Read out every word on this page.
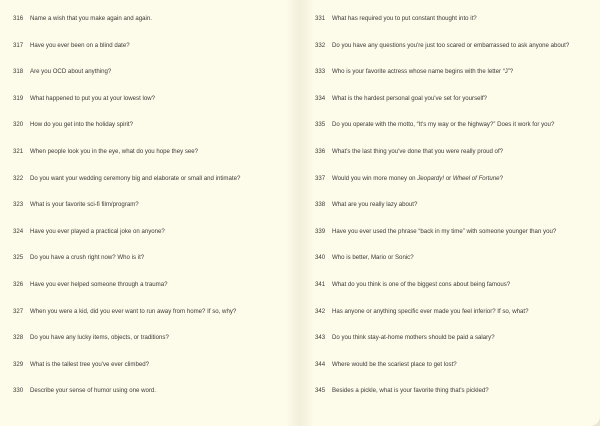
316 Name a wish that you make again and again.
317 Have you ever been on a blind date?
318 Are you OCD about anything?
319 What happened to put you at your lowest low?
320 How do you get into the holiday spirit?
321 When people look you in the eye, what do you hope they see?
322 Do you want your wedding ceremony big and elaborate or small and intimate?
323 What is your favorite sci-fi film/program?
324 Have you ever played a practical joke on anyone?
325 Do you have a crush right now? Who is it?
326 Have you ever helped someone through a trauma?
327 When you were a kid, did you ever want to run away from home? If so, why?
328 Do you have any lucky items, objects, or traditions?
329 What is the tallest tree you've ever climbed?
330 Describe your sense of humor using one word.
331 What has required you to put constant thought into it?
332 Do you have any questions you're just too scared or embarrassed to ask anyone about?
333 Who is your favorite actress whose name begins with the letter “J”?
334 What is the hardest personal goal you've set for yourself?
335 Do you operate with the motto, “It's my way or the highway?” Does it work for you?
336 What's the last thing you've done that you were really proud of?
337 Would you win more money on Jeopardy! or Wheel of Fortune?
338 What are you really lazy about?
339 Have you ever used the phrase “back in my time” with someone younger than you?
340 Who is better, Mario or Sonic?
341 What do you think is one of the biggest cons about being famous?
342 Has anyone or anything specific ever made you feel inferior? If so, what?
343 Do you think stay-at-home mothers should be paid a salary?
344 Where would be the scariest place to get lost?
345 Besides a pickle, what is your favorite thing that's pickled?
